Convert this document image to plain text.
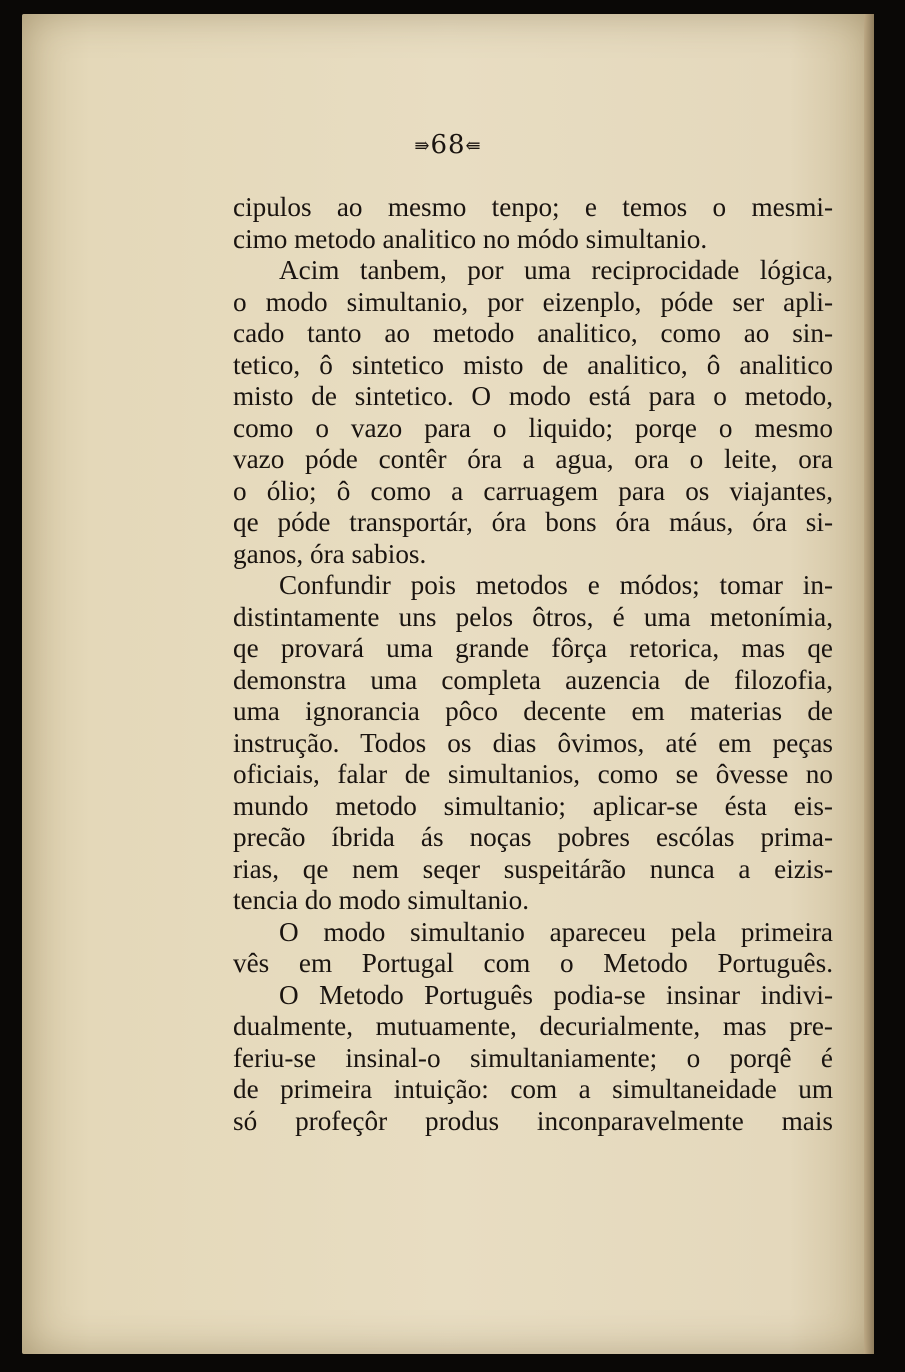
⇛68⇚
cipulos ao mesmo tenpo; e temos o mesmi-
cimo metodo analitico no módo simultanio.
Acim tanbem, por uma reciprocidade lógica,
o modo simultanio, por eizenplo, póde ser apli-
cado tanto ao metodo analitico, como ao sin-
tetico, ô sintetico misto de analitico, ô analitico
misto de sintetico. O modo está para o metodo,
como o vazo para o liquido; porqe o mesmo
vazo póde contêr óra a agua, ora o leite, ora
o ólio; ô como a carruagem para os viajantes,
qe póde transportár, óra bons óra máus, óra si-
ganos, óra sabios.
Confundir pois metodos e módos; tomar in-
distintamente uns pelos ôtros, é uma metonímia,
qe provará uma grande fôrça retorica, mas qe
demonstra uma completa auzencia de filozofia,
uma ignorancia pôco decente em materias de
instrução. Todos os dias ôvimos, até em peças
oficiais, falar de simultanios, como se ôvesse no
mundo metodo simultanio; aplicar-se ésta eis-
precão íbrida ás noças pobres escólas prima-
rias, qe nem seqer suspeitárão nunca a eizis-
tencia do modo simultanio.
O modo simultanio apareceu pela primeira
vês em Portugal com o Metodo Português.
O Metodo Português podia-se insinar indivi-
dualmente, mutuamente, decurialmente, mas pre-
feriu-se insinal-o simultaniamente; o porqê é
de primeira intuição: com a simultaneidade um
só profeçôr produs inconparavelmente mais
